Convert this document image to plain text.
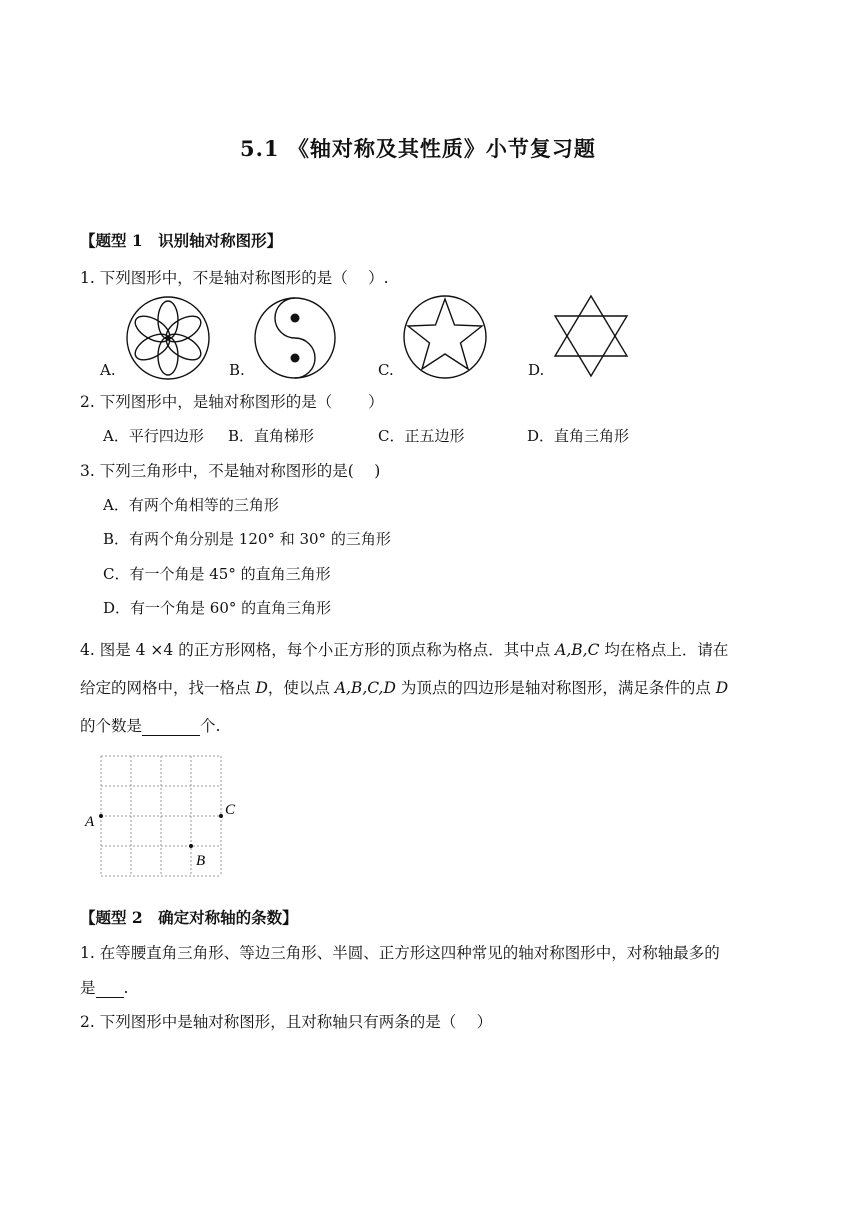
5.1 《轴对称及其性质》小节复习题
【题型 1　识别轴对称图形】
1. 下列图形中，不是轴对称图形的是（　 ）.
A.	B.	C.	D.
2. 下列图形中，是轴对称图形的是（　　 ）
A．平行四边形 B．直角梯形	C．正五边形	D．直角三角形
3. 下列三角形中，不是轴对称图形的是(　 )
A．有两个角相等的三角形
B．有两个角分别是 120° 和 30° 的三角形
C．有一个角是 45° 的直角三角形
D．有一个角是 60° 的直角三角形
4. 图是 4 ×4 的正方形网格，每个小正方形的顶点称为格点．其中点 A,B,C 均在格点上．请在
给定的网格中，找一格点 D，使以点 A,B,C,D 为顶点的四边形是轴对称图形，满足条件的点 D
的个数是	个.
A
C
B
【题型 2　确定对称轴的条数】
1. 在等腰直角三角形、等边三角形、半圆、正方形这四种常见的轴对称图形中，对称轴最多的
是 .
2. 下列图形中是轴对称图形，且对称轴只有两条的是（　 ）
